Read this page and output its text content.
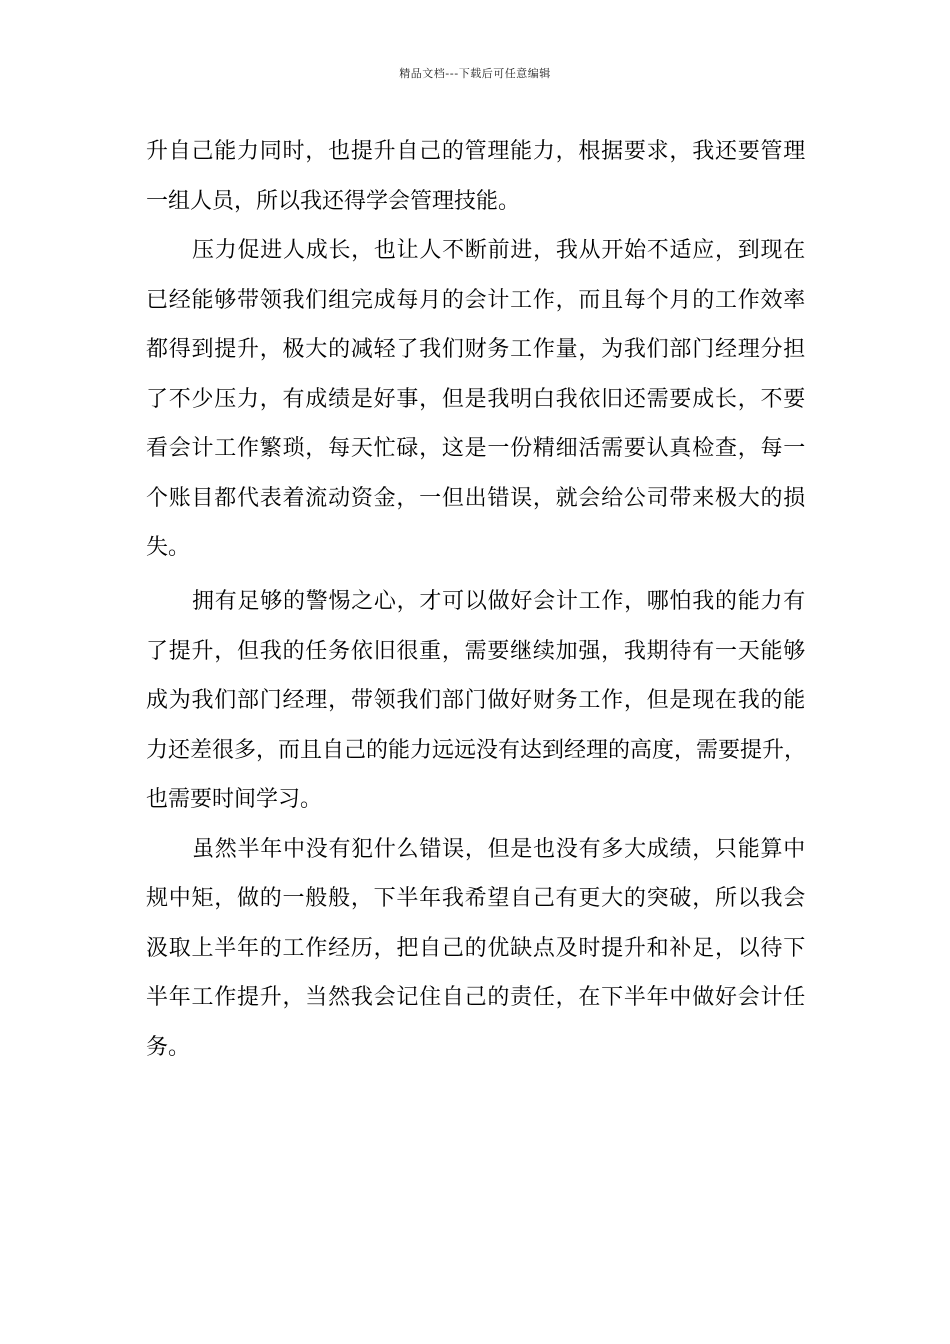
精品文档---下载后可任意编辑
升自己能力同时，也提升自己的管理能力，根据要求，我还要管理
一组人员，所以我还得学会管理技能。
压力促进人成长，也让人不断前进，我从开始不适应，到现在
已经能够带领我们组完成每月的会计工作，而且每个月的工作效率
都得到提升，极大的减轻了我们财务工作量，为我们部门经理分担
了不少压力，有成绩是好事，但是我明白我依旧还需要成长，不要
看会计工作繁琐，每天忙碌，这是一份精细活需要认真检查，每一
个账目都代表着流动资金，一但出错误，就会给公司带来极大的损
失。
拥有足够的警惕之心，才可以做好会计工作，哪怕我的能力有
了提升，但我的任务依旧很重，需要继续加强，我期待有一天能够
成为我们部门经理，带领我们部门做好财务工作，但是现在我的能
力还差很多，而且自己的能力远远没有达到经理的高度，需要提升，
也需要时间学习。
虽然半年中没有犯什么错误，但是也没有多大成绩，只能算中
规中矩，做的一般般，下半年我希望自己有更大的突破，所以我会
汲取上半年的工作经历，把自己的优缺点及时提升和补足，以待下
半年工作提升，当然我会记住自己的责任，在下半年中做好会计任
务。
